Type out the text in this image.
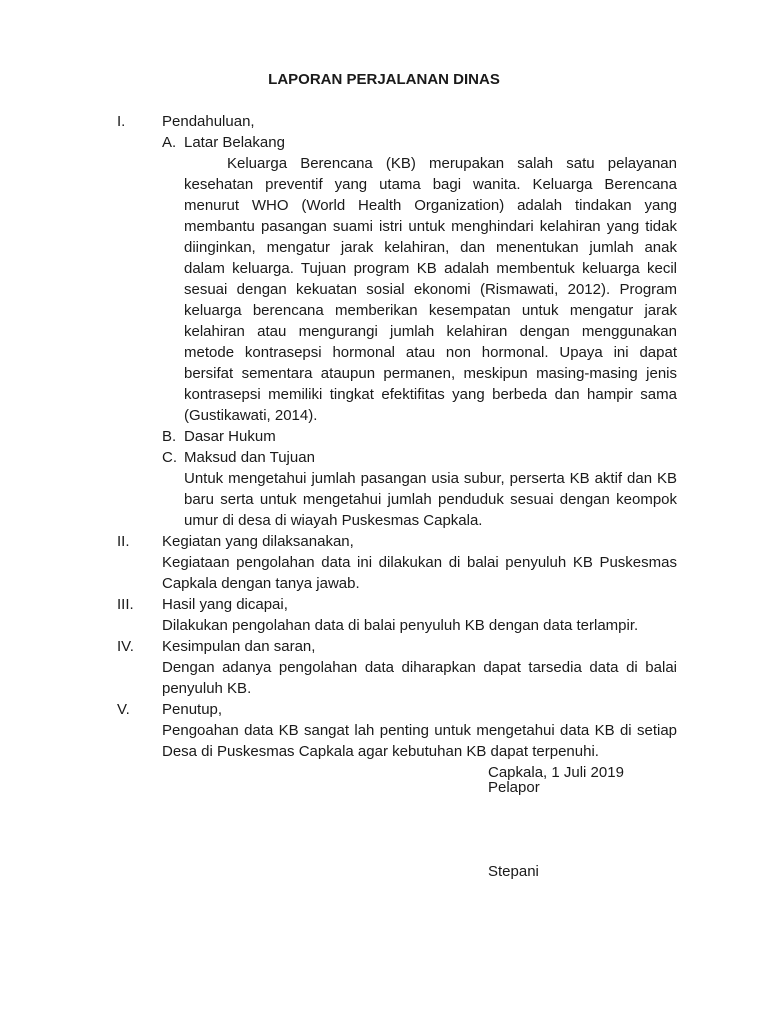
LAPORAN PERJALANAN DINAS
I. Pendahuluan,
A. Latar Belakang
Keluarga Berencana (KB) merupakan salah satu pelayanan
kesehatan preventif yang utama bagi wanita. Keluarga Berencana
menurut WHO (World Health Organization) adalah tindakan yang
membantu pasangan suami istri untuk menghindari kelahiran yang tidak
diinginkan, mengatur jarak kelahiran, dan menentukan jumlah anak
dalam keluarga. Tujuan program KB adalah membentuk keluarga kecil
sesuai dengan kekuatan sosial ekonomi (Rismawati, 2012). Program
keluarga berencana memberikan kesempatan untuk mengatur jarak
kelahiran atau mengurangi jumlah kelahiran dengan menggunakan
metode kontrasepsi hormonal atau non hormonal. Upaya ini dapat
bersifat sementara ataupun permanen, meskipun masing-masing jenis
kontrasepsi memiliki tingkat efektifitas yang berbeda dan hampir sama
(Gustikawati, 2014).
B. Dasar Hukum
C. Maksud dan Tujuan
Untuk mengetahui jumlah pasangan usia subur, perserta KB aktif dan KB
baru serta untuk mengetahui jumlah penduduk sesuai dengan keompok
umur di desa di wiayah Puskesmas Capkala.
II. Kegiatan yang dilaksanakan,
Kegiataan pengolahan data ini dilakukan di balai penyuluh KB Puskesmas
Capkala dengan tanya jawab.
III. Hasil yang dicapai,
Dilakukan pengolahan data di balai penyuluh KB dengan data terlampir.
IV. Kesimpulan dan saran,
Dengan adanya pengolahan data diharapkan dapat tarsedia data di balai
penyuluh KB.
V. Penutup,
Pengoahan data KB sangat lah penting untuk mengetahui data KB di setiap
Desa di Puskesmas Capkala agar kebutuhan KB dapat terpenuhi.
Capkala, 1 Juli 2019
Pelapor
Stepani
